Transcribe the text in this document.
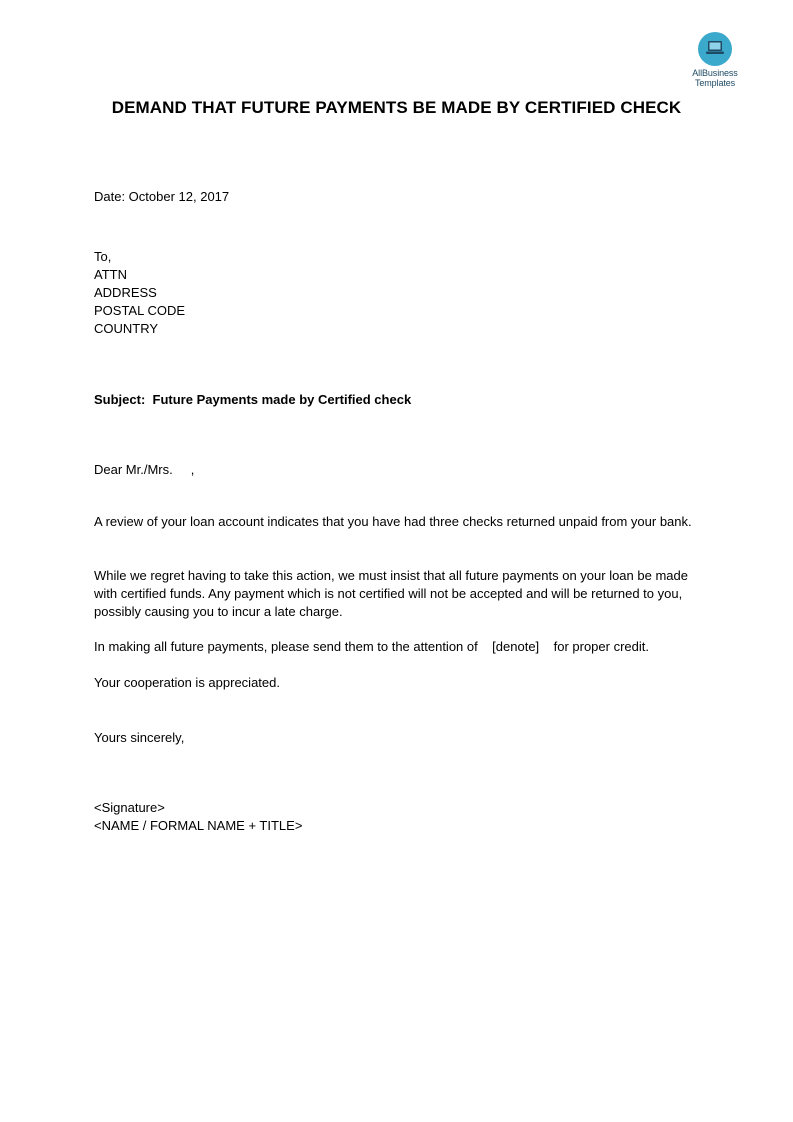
AllBusiness
Templates
DEMAND THAT FUTURE PAYMENTS BE MADE BY CERTIFIED CHECK
Date: October 12, 2017
To,
ATTN
ADDRESS
POSTAL CODE
COUNTRY
Subject: Future Payments made by Certified check
Dear Mr./Mrs.     ,
A review of your loan account indicates that you have had three checks returned unpaid from your bank.
While we regret having to take this action, we must insist that all future payments on your loan be made with certified funds. Any payment which is not certified will not be accepted and will be returned to you, possibly causing you to incur a late charge.
In making all future payments, please send them to the attention of    [denote]    for proper credit.
Your cooperation is appreciated.
Yours sincerely,
<Signature>
<NAME / FORMAL NAME + TITLE>
